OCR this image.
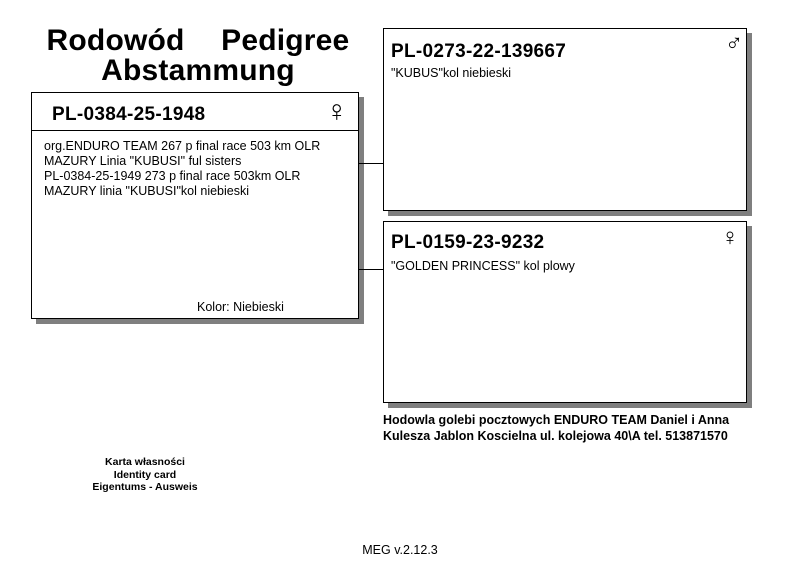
Rodowód Pedigree
Abstammung
PL-0384-25-1948	♀
org.ENDURO TEAM 267 p final race 503 km OLR
MAZURY Linia "KUBUSI" ful sisters
PL-0384-25-1949 273 p final race 503km OLR
MAZURY linia "KUBUSI"kol niebieski
Kolor: Niebieski
PL-0273-22-139667	♂
"KUBUS"kol niebieski
PL-0159-23-9232	♀
"GOLDEN PRINCESS" kol plowy
Hodowla golebi pocztowych ENDURO TEAM Daniel i Anna Kulesza Jablon Koscielna ul. kolejowa 40\A tel. 513871570
Karta własności
Identity card
Eigentums - Ausweis
MEG v.2.12.3
